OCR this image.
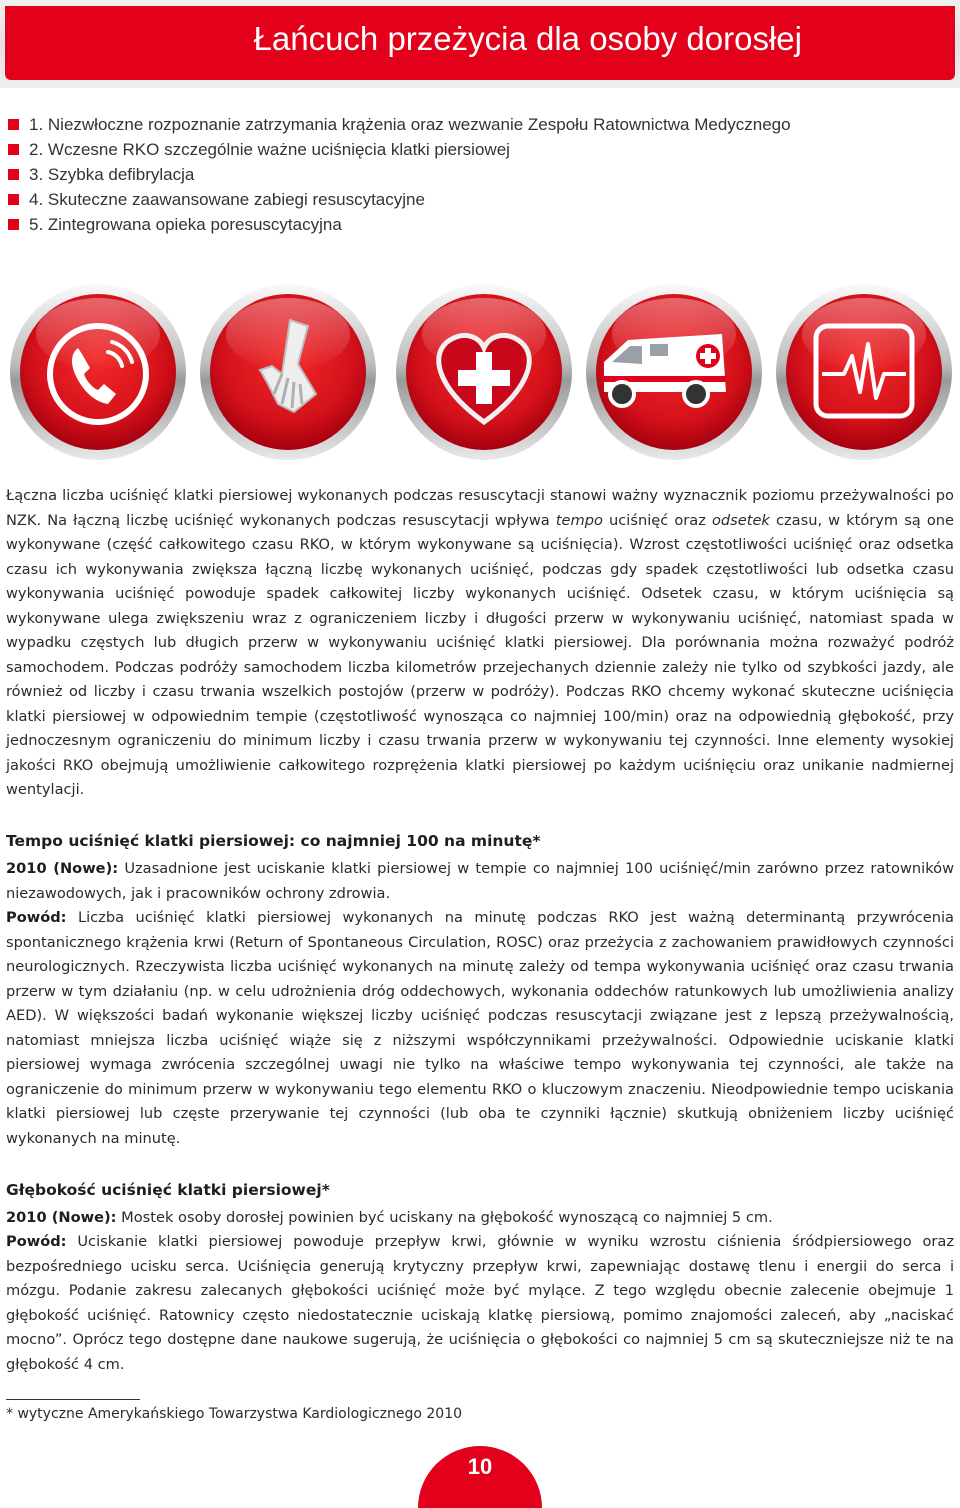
Łańcuch przeżycia dla osoby dorosłej
1. Niezwłoczne rozpoznanie zatrzymania krążenia oraz wezwanie Zespołu Ratownictwa Medycznego
2. Wczesne RKO szczególnie ważne uciśnięcia klatki piersiowej
3. Szybka defibrylacja
4. Skuteczne zaawansowane zabiegi resuscytacyjne
5. Zintegrowana opieka poresuscytacyjna

Łączna liczba uciśnięć klatki piersiowej wykonanych podczas resuscytacji stanowi ważny wyznacznik poziomu przeżywalności po NZK. Na łączną liczbę uciśnięć wykonanych podczas resuscytacji wpływa tempo uciśnięć oraz odsetek czasu, w którym są one wykonywane (część całkowitego czasu RKO, w którym wykonywane są uciśnięcia). Wzrost częstotliwości uciśnięć oraz odsetka czasu ich wykonywania zwiększa łączną liczbę wykonanych uciśnięć, podczas gdy spadek częstotliwości lub odsetka czasu wykonywania uciśnięć powoduje spadek całkowitej liczby wykonanych uciśnięć. Odsetek czasu, w którym uciśnięcia są wykonywane ulega zwiększeniu wraz z ograniczeniem liczby i długości przerw w wykonywaniu uciśnięć, natomiast spada w wypadku częstych lub długich przerw w wykonywaniu uciśnięć klatki piersiowej. Dla porównania można rozważyć podróż samochodem. Podczas podróży samochodem liczba kilometrów przejechanych dziennie zależy nie tylko od szybkości jazdy, ale również od liczby i czasu trwania wszelkich postojów (przerw w podróży). Podczas RKO chcemy wykonać skuteczne uciśnięcia klatki piersiowej w odpowiednim tempie (częstotliwość wynosząca co najmniej 100/min) oraz na odpowiednią głębokość, przy jednoczesnym ograniczeniu do minimum liczby i czasu trwania przerw w wykonywaniu tej czynności. Inne elementy wysokiej jakości RKO obejmują umożliwienie całkowitego rozprężenia klatki piersiowej po każdym uciśnięciu oraz unikanie nadmiernej wentylacji.

Tempo uciśnięć klatki piersiowej: co najmniej 100 na minutę*

2010 (Nowe): Uzasadnione jest uciskanie klatki piersiowej w tempie co najmniej 100 uciśnięć/min zarówno przez ratowników niezawodowych, jak i pracowników ochrony zdrowia.

Powód: Liczba uciśnięć klatki piersiowej wykonanych na minutę podczas RKO jest ważną determinantą przywrócenia spontanicznego krążenia krwi (Return of Spontaneous Circulation, ROSC) oraz przeżycia z zachowaniem prawidłowych czynności neurologicznych. Rzeczywista liczba uciśnięć wykonanych na minutę zależy od tempa wykonywania uciśnięć oraz czasu trwania przerw w tym działaniu (np. w celu udrożnienia dróg oddechowych, wykonania oddechów ratunkowych lub umożliwienia analizy AED). W większości badań wykonanie większej liczby uciśnięć podczas resuscytacji związane jest z lepszą przeżywalnością, natomiast mniejsza liczba uciśnięć wiąże się z niższymi współczynnikami przeżywalności. Odpowiednie uciskanie klatki piersiowej wymaga zwrócenia szczególnej uwagi nie tylko na właściwe tempo wykonywania tej czynności, ale także na ograniczenie do minimum przerw w wykonywaniu tego elementu RKO o kluczowym znaczeniu. Nieodpowiednie tempo uciskania klatki piersiowej lub częste przerywanie tej czynności (lub oba te czynniki łącznie) skutkują obniżeniem liczby uciśnięć wykonanych na minutę.

Głębokość uciśnięć klatki piersiowej*

2010 (Nowe): Mostek osoby dorosłej powinien być uciskany na głębokość wynoszącą co najmniej 5 cm.

Powód: Uciskanie klatki piersiowej powoduje przepływ krwi, głównie w wyniku wzrostu ciśnienia śródpiersiowego oraz bezpośredniego ucisku serca. Uciśnięcia generują krytyczny przepływ krwi, zapewniając dostawę tlenu i energii do serca i mózgu. Podanie zakresu zalecanych głębokości uciśnięć może być mylące. Z tego względu obecnie zalecenie obejmuje 1 głębokość uciśnięć. Ratownicy często niedostatecznie uciskają klatkę piersiową, pomimo znajomości zaleceń, aby „naciskać mocno”. Oprócz tego dostępne dane naukowe sugerują, że uciśnięcia o głębokości co najmniej 5 cm są skuteczniejsze niż te na głębokość 4 cm.

* wytyczne Amerykańskiego Towarzystwa Kardiologicznego 2010

10
